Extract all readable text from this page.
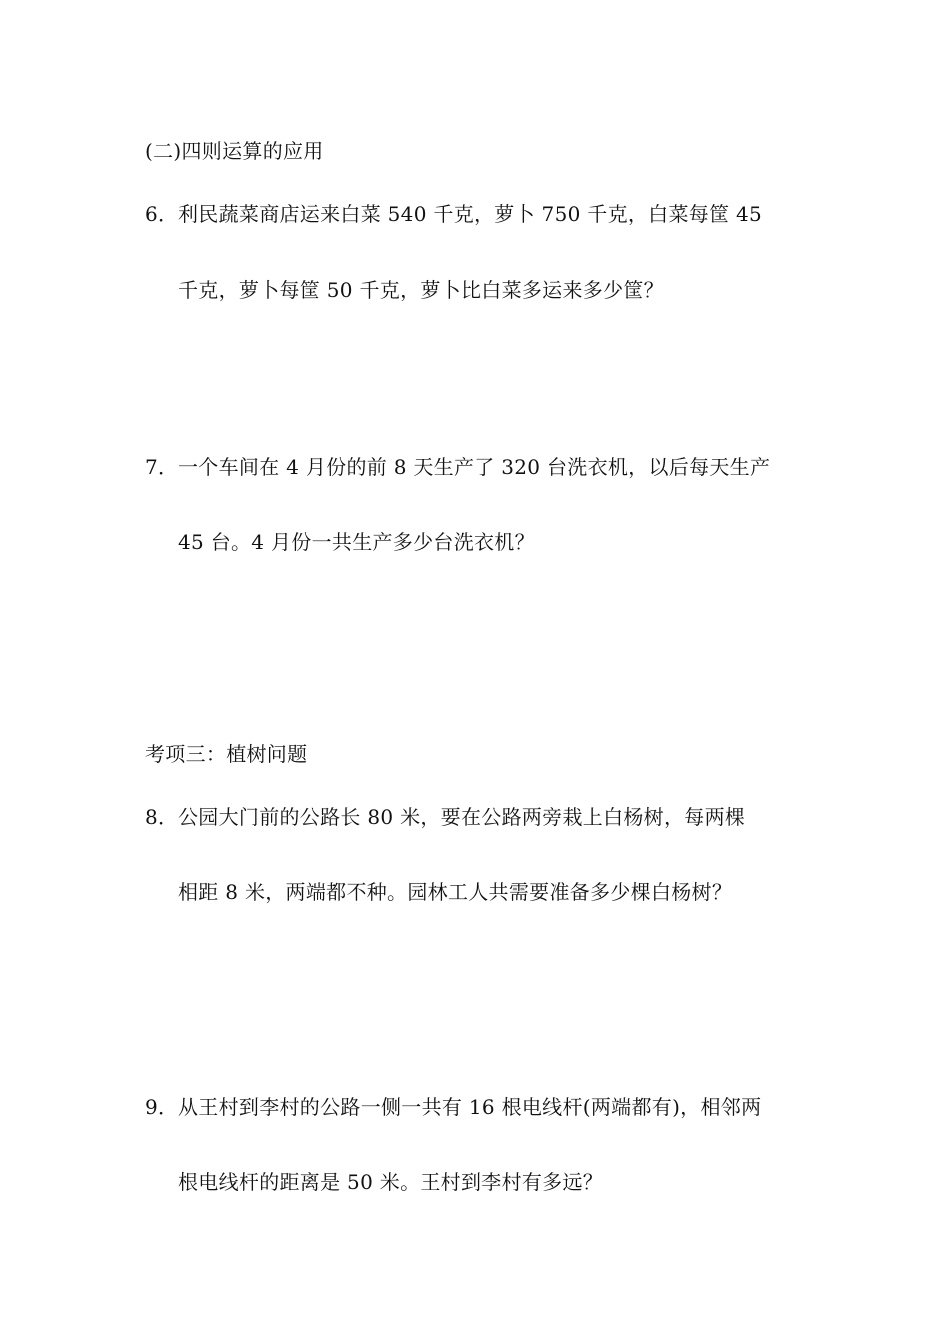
(二)四则运算的应用
6．利民蔬菜商店运来白菜 540 千克，萝卜 750 千克，白菜每筐 45
千克，萝卜每筐 50 千克，萝卜比白菜多运来多少筐？
7．一个车间在 4 月份的前 8 天生产了 320 台洗衣机，以后每天生产
45 台。4 月份一共生产多少台洗衣机？
考项三：植树问题
8．公园大门前的公路长 80 米，要在公路两旁栽上白杨树，每两棵
相距 8 米，两端都不种。园林工人共需要准备多少棵白杨树？
9．从王村到李村的公路一侧一共有 16 根电线杆(两端都有)，相邻两
根电线杆的距离是 50 米。王村到李村有多远？
